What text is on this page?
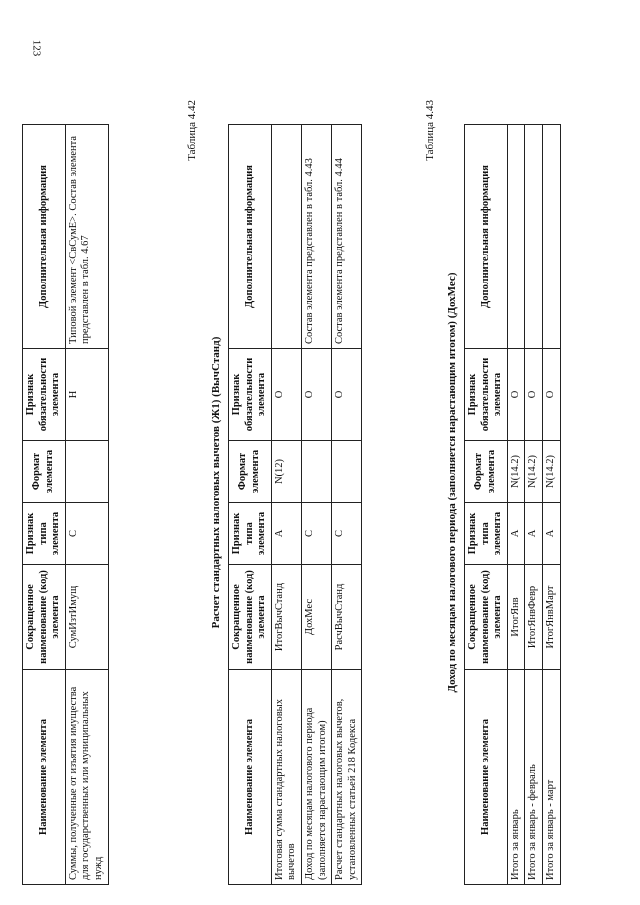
123
Наименование элемента	Сокращенное наименование (код) элемента	Признак типа элемента	Формат элемента	Признак обязательности элемента	Дополнительная информация
Суммы, полученные от изъятия имущества для государственных или муниципальных нужд	СумИзтИмущ	С		Н	Типовой элемент <СвСумЕ>. Состав элемента представлен в табл. 4.67
Таблица 4.42
Расчет стандартных налоговых вычетов (Ж1) (ВычСтанд)
Наименование элемента	Сокращенное наименование (код) элемента	Признак типа элемента	Формат элемента	Признак обязательности элемента	Дополнительная информация
Итоговая сумма стандартных налоговых вычетов	ИтогВычСтанд	А	N(12)	О	
Доход по месяцам налогового периода (заполняется нарастающим итогом)	ДохМес	С		О	Состав элемента представлен в табл. 4.43
Расчет стандартных налоговых вычетов, установленных статьей 218 Кодекса	РасчВычСтанд	С		О	Состав элемента представлен в табл. 4.44
Таблица 4.43
Доход по месяцам налогового периода (заполняется нарастающим итогом) (ДохМес)
Наименование элемента	Сокращенное наименование (код) элемента	Признак типа элемента	Формат элемента	Признак обязательности элемента	Дополнительная информация
Итого за январь	ИтогЯнв	А	N(14.2)	О	
Итого за январь - февраль	ИтогЯнвФевр	А	N(14.2)	О	
Итого за январь - март	ИтогЯнвМарт	А	N(14.2)	О	
